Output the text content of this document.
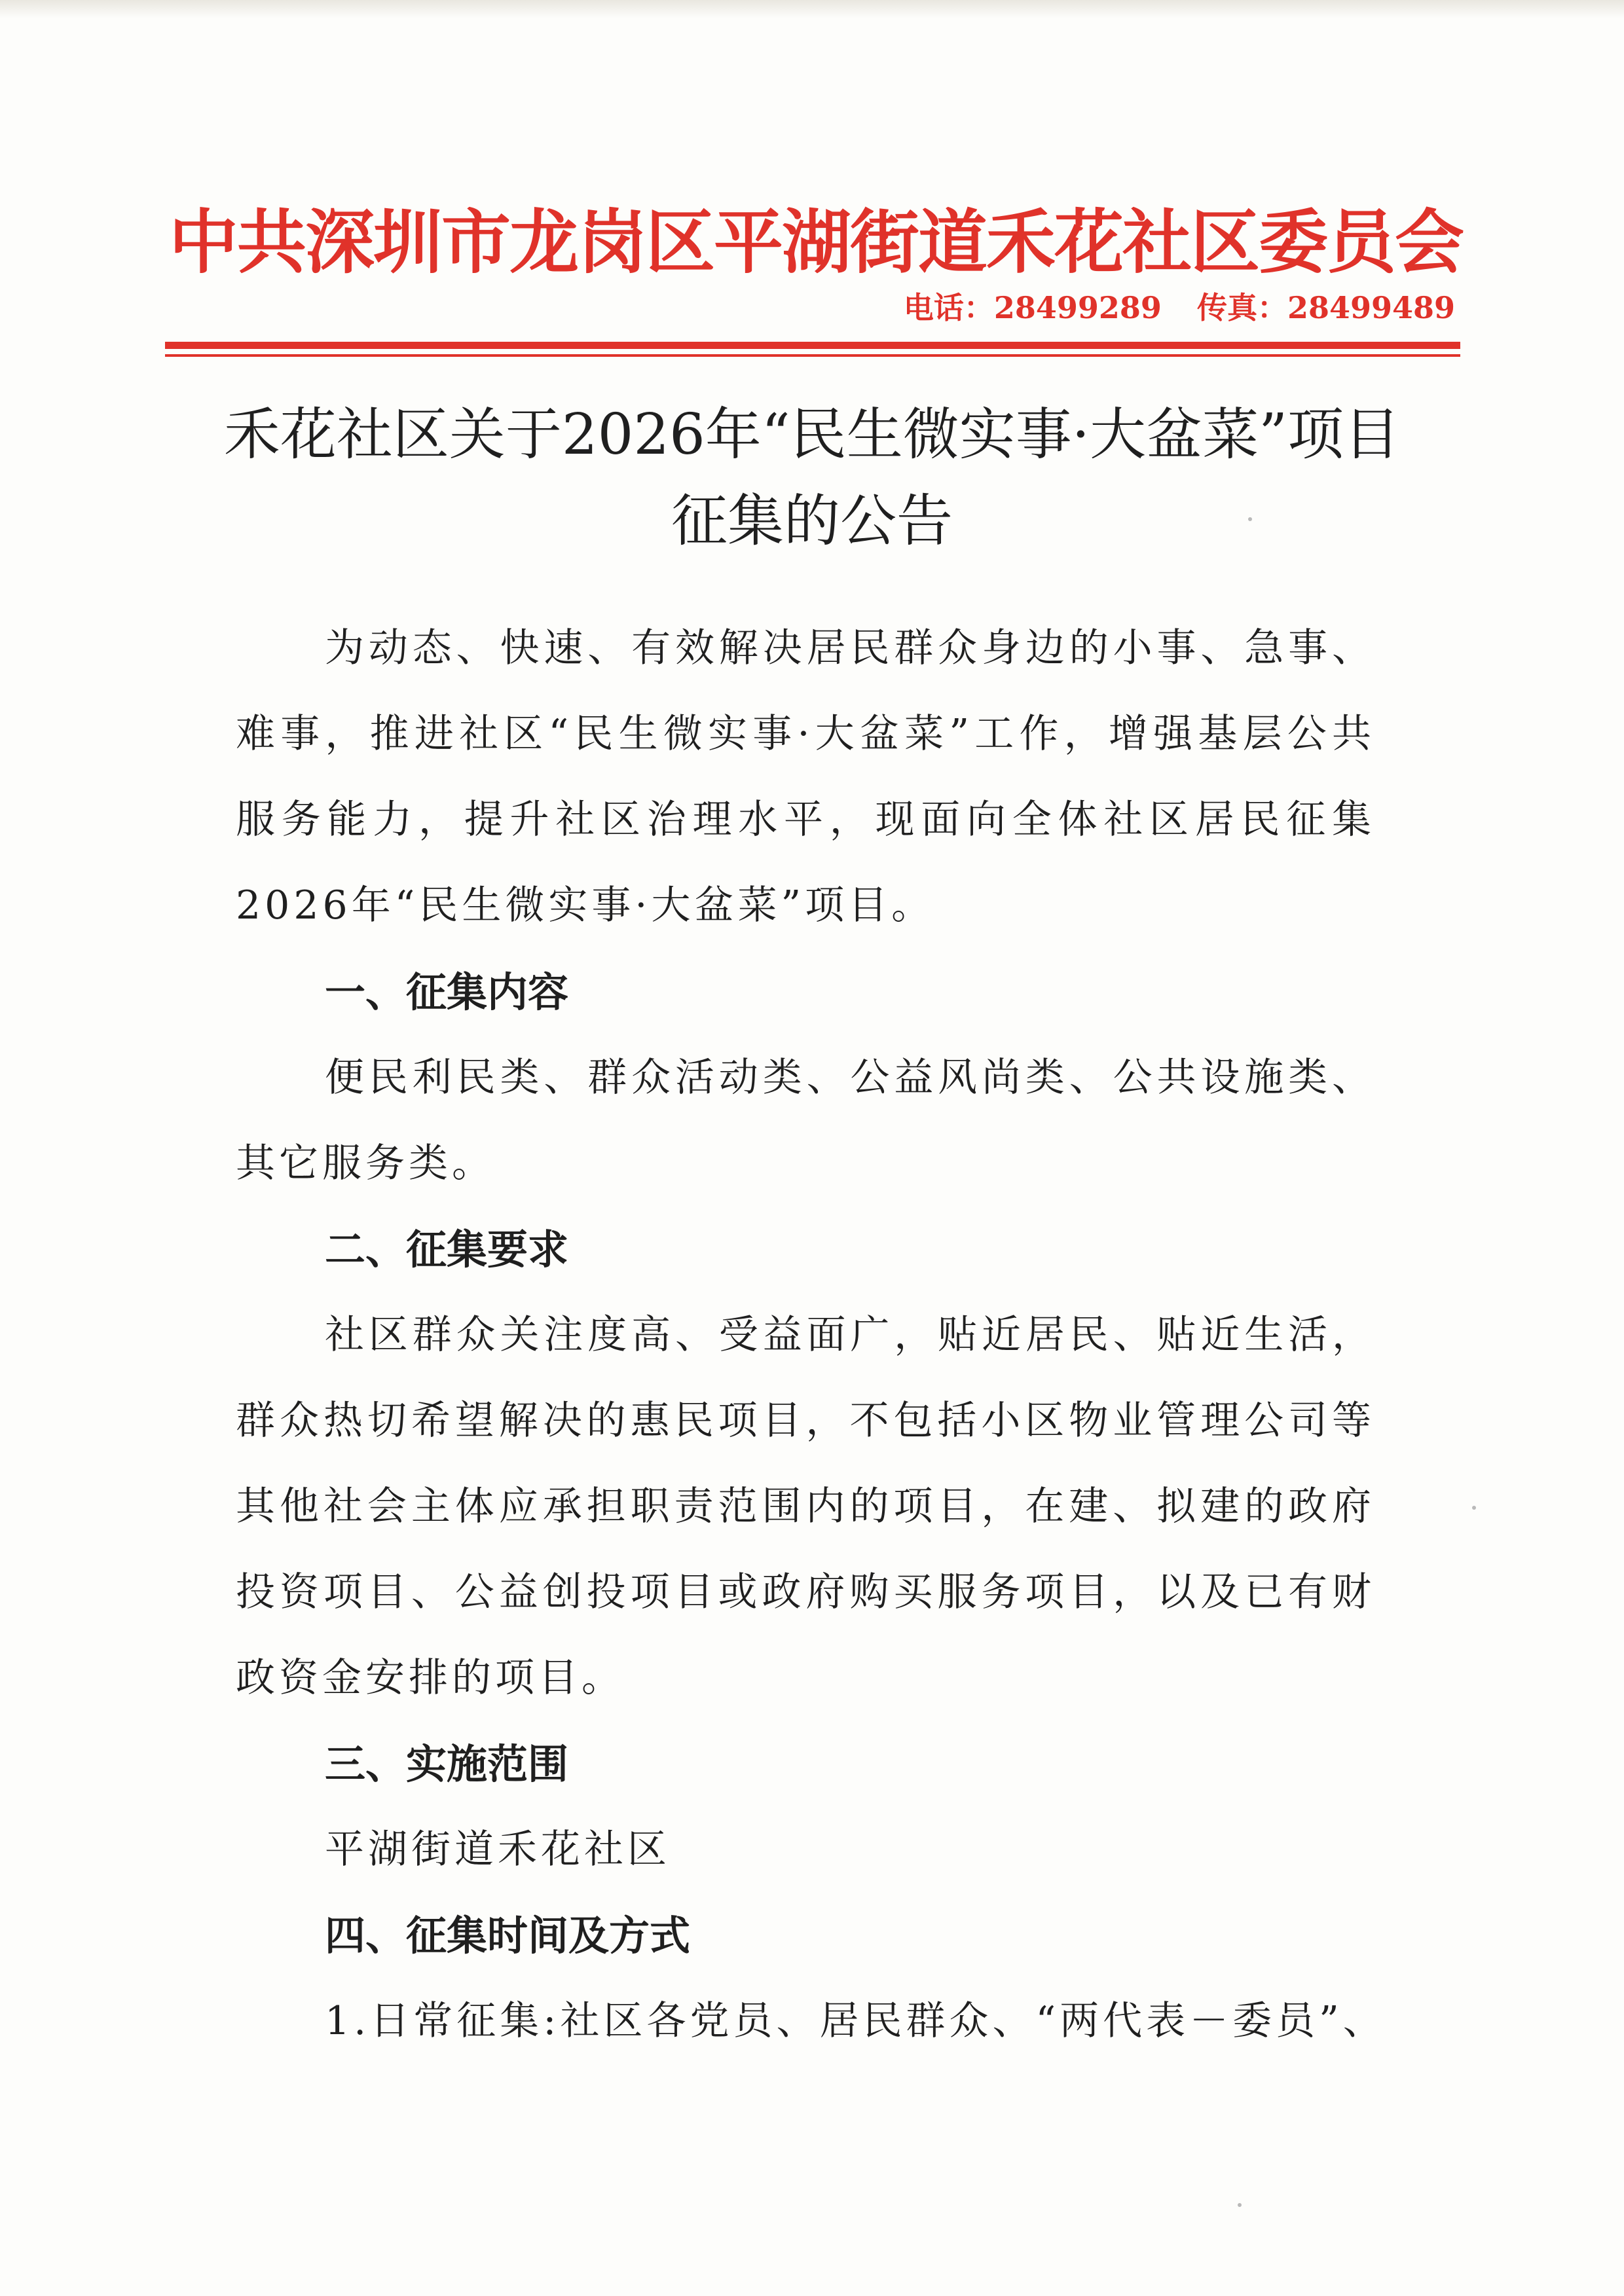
中共深圳市龙岗区平湖街道禾花社区委员会
电话：28499289 传真：28499489
禾花社区关于2026年“民生微实事·大盆菜”项目征集的公告
为动态、快速、有效解决居民群众身边的小事、急事、难事，推进社区“民生微实事·大盆菜”工作，增强基层公共服务能力，提升社区治理水平，现面向全体社区居民征集2026年“民生微实事·大盆菜”项目。
一、征集内容
便民利民类、群众活动类、公益风尚类、公共设施类、其它服务类。
二、征集要求
社区群众关注度高、受益面广，贴近居民、贴近生活，群众热切希望解决的惠民项目，不包括小区物业管理公司等其他社会主体应承担职责范围内的项目，在建、拟建的政府投资项目、公益创投项目或政府购买服务项目，以及已有财政资金安排的项目。
三、实施范围
平湖街道禾花社区
四、征集时间及方式
1.日常征集:社区各党员、居民群众、“两代表－委员”、
